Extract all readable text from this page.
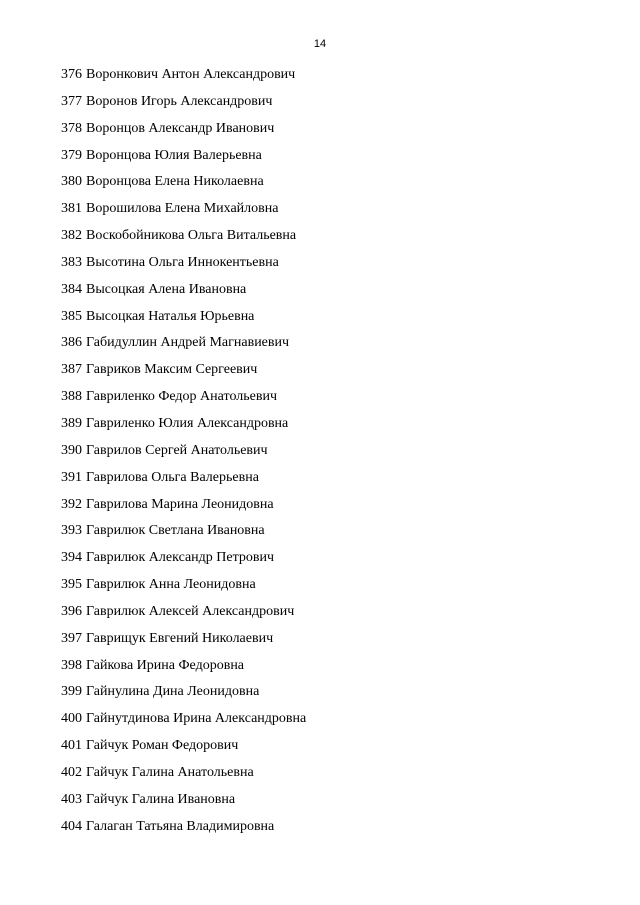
14
376 Воронкович Антон Александрович
377 Воронов Игорь Александрович
378 Воронцов Александр Иванович
379 Воронцова Юлия Валерьевна
380 Воронцова Елена Николаевна
381 Ворошилова Елена Михайловна
382 Воскобойникова Ольга Витальевна
383 Высотина Ольга Иннокентьевна
384 Высоцкая Алена Ивановна
385 Высоцкая Наталья Юрьевна
386 Габидуллин Андрей Магнавиевич
387 Гавриков Максим Сергеевич
388 Гавриленко Федор Анатольевич
389 Гавриленко Юлия Александровна
390 Гаврилов Сергей Анатольевич
391 Гаврилова Ольга Валерьевна
392 Гаврилова Марина Леонидовна
393 Гаврилюк Светлана Ивановна
394 Гаврилюк Александр Петрович
395 Гаврилюк Анна Леонидовна
396 Гаврилюк Алексей Александрович
397 Гаврищук Евгений Николаевич
398 Гайкова Ирина Федоровна
399 Гайнулина Дина Леонидовна
400 Гайнутдинова Ирина Александровна
401 Гайчук Роман Федорович
402 Гайчук Галина Анатольевна
403 Гайчук Галина Ивановна
404 Галаган Татьяна Владимировна
